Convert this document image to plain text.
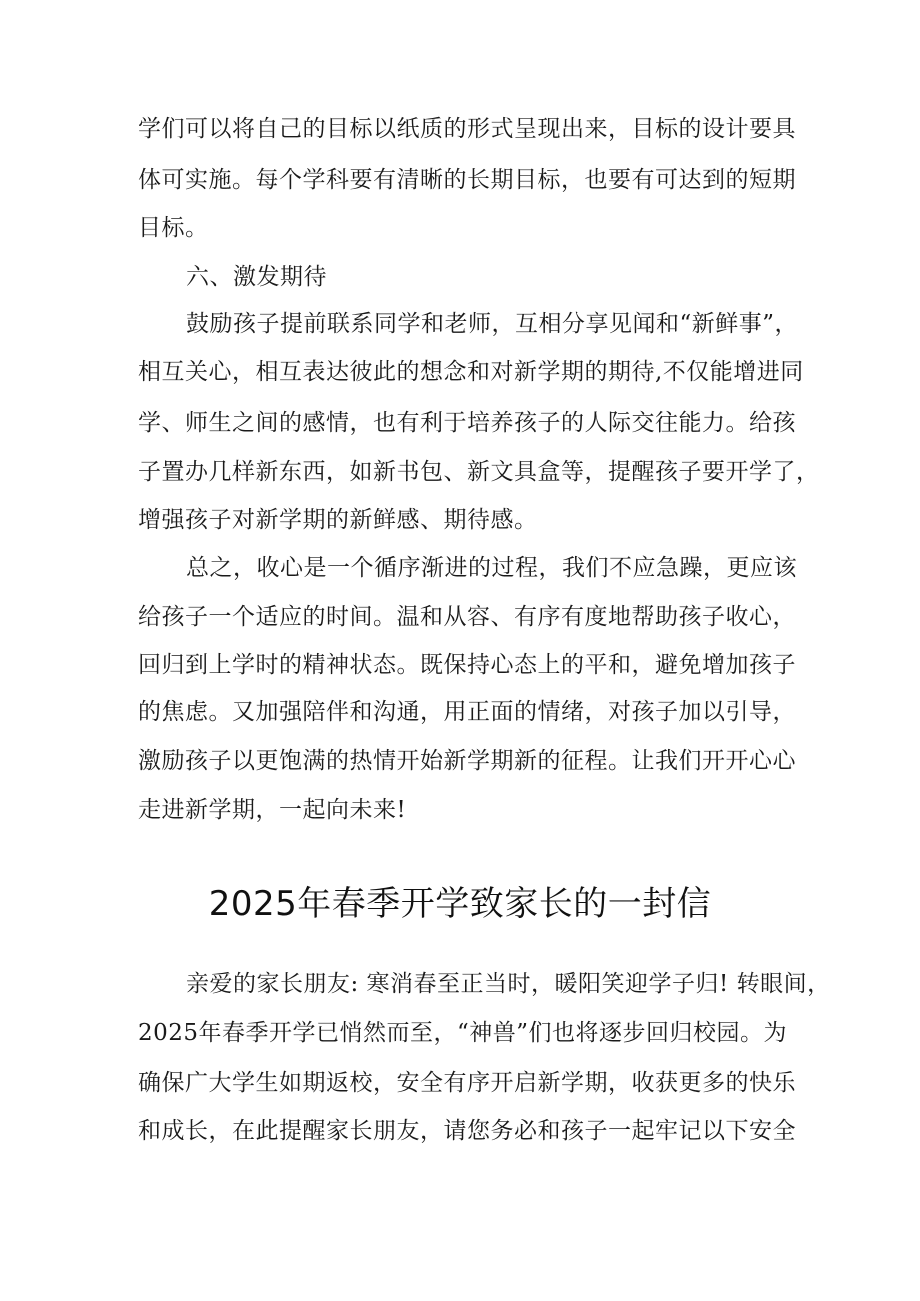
学们可以将自己的目标以纸质的形式呈现出来，目标的设计要具
体可实施。每个学科要有清晰的长期目标，也要有可达到的短期
目标。
六、激发期待
鼓励孩子提前联系同学和老师，互相分享见闻和“新鲜事”，
相互关心，相互表达彼此的想念和对新学期的期待,不仅能增进同
学、师生之间的感情，也有利于培养孩子的人际交往能力。给孩
子置办几样新东西，如新书包、新文具盒等，提醒孩子要开学了，
增强孩子对新学期的新鲜感、期待感。
总之，收心是一个循序渐进的过程，我们不应急躁，更应该
给孩子一个适应的时间。温和从容、有序有度地帮助孩子收心，
回归到上学时的精神状态。既保持心态上的平和，避免增加孩子
的焦虑。又加强陪伴和沟通，用正面的情绪，对孩子加以引导，
激励孩子以更饱满的热情开始新学期新的征程。让我们开开心心
走进新学期，一起向未来!
2025年春季开学致家长的一封信
亲爱的家长朋友: 寒消春至正当时，暖阳笑迎学子归! 转眼间，
2025年春季开学已悄然而至，“神兽”们也将逐步回归校园。为
确保广大学生如期返校，安全有序开启新学期，收获更多的快乐
和成长，在此提醒家长朋友，请您务必和孩子一起牢记以下安全
